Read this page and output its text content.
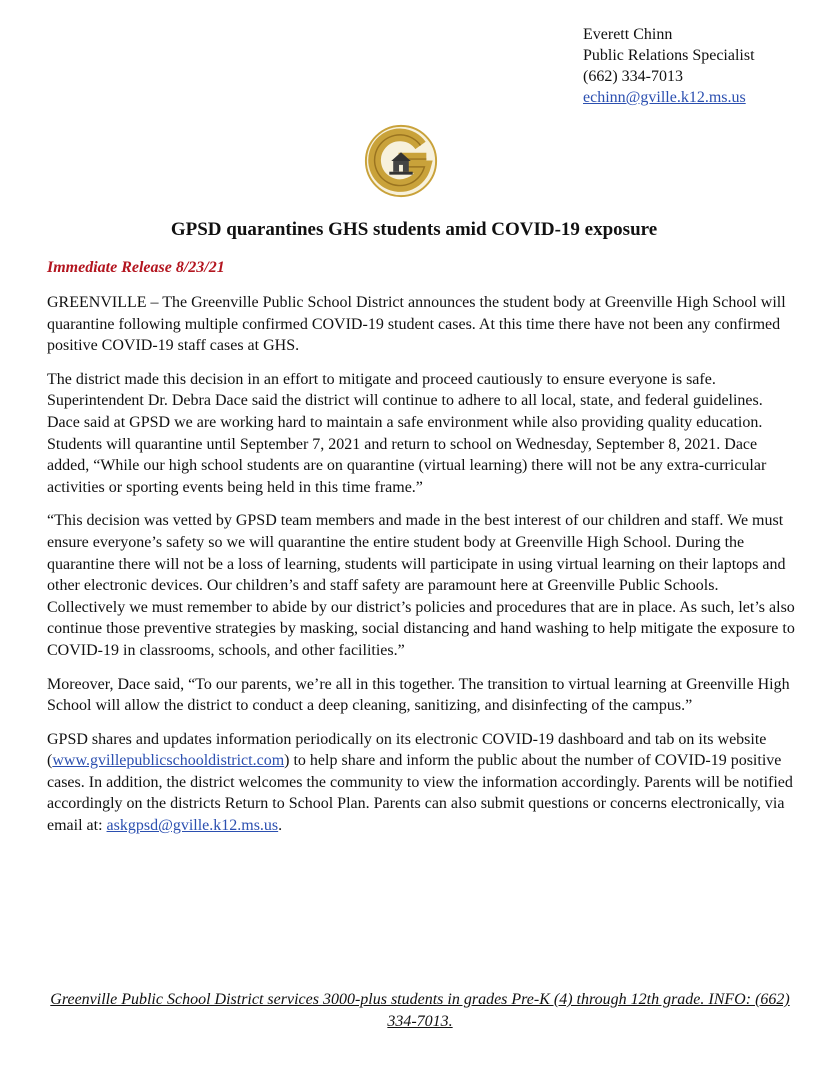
Everett Chinn
Public Relations Specialist
(662) 334-7013
echinn@gville.k12.ms.us
GPSD quarantines GHS students amid COVID-19 exposure

Immediate Release 8/23/21

GREENVILLE – The Greenville Public School District announces the student body at Greenville High School will quarantine following multiple confirmed COVID-19 student cases. At this time there have not been any confirmed positive COVID-19 staff cases at GHS.

The district made this decision in an effort to mitigate and proceed cautiously to ensure everyone is safe. Superintendent Dr. Debra Dace said the district will continue to adhere to all local, state, and federal guidelines. Dace said at GPSD we are working hard to maintain a safe environment while also providing quality education. Students will quarantine until September 7, 2021 and return to school on Wednesday, September 8, 2021. Dace added, “While our high school students are on quarantine (virtual learning) there will not be any extra-curricular activities or sporting events being held in this time frame.”

“This decision was vetted by GPSD team members and made in the best interest of our children and staff. We must ensure everyone’s safety so we will quarantine the entire student body at Greenville High School. During the quarantine there will not be a loss of learning, students will participate in using virtual learning on their laptops and other electronic devices. Our children’s and staff safety are paramount here at Greenville Public Schools. Collectively we must remember to abide by our district’s policies and procedures that are in place. As such, let’s also continue those preventive strategies by masking, social distancing and hand washing to help mitigate the exposure to COVID-19 in classrooms, schools, and other facilities.”

Moreover, Dace said, “To our parents, we’re all in this together. The transition to virtual learning at Greenville High School will allow the district to conduct a deep cleaning, sanitizing, and disinfecting of the campus.”

GPSD shares and updates information periodically on its electronic COVID-19 dashboard and tab on its website (www.gvillepublicschooldistrict.com) to help share and inform the public about the number of COVID-19 positive cases. In addition, the district welcomes the community to view the information accordingly. Parents will be notified accordingly on the districts Return to School Plan. Parents can also submit questions or concerns electronically, via email at: askgpsd@gville.k12.ms.us.

Greenville Public School District services 3000-plus students in grades Pre-K (4) through 12th grade. INFO: (662) 334-7013.
